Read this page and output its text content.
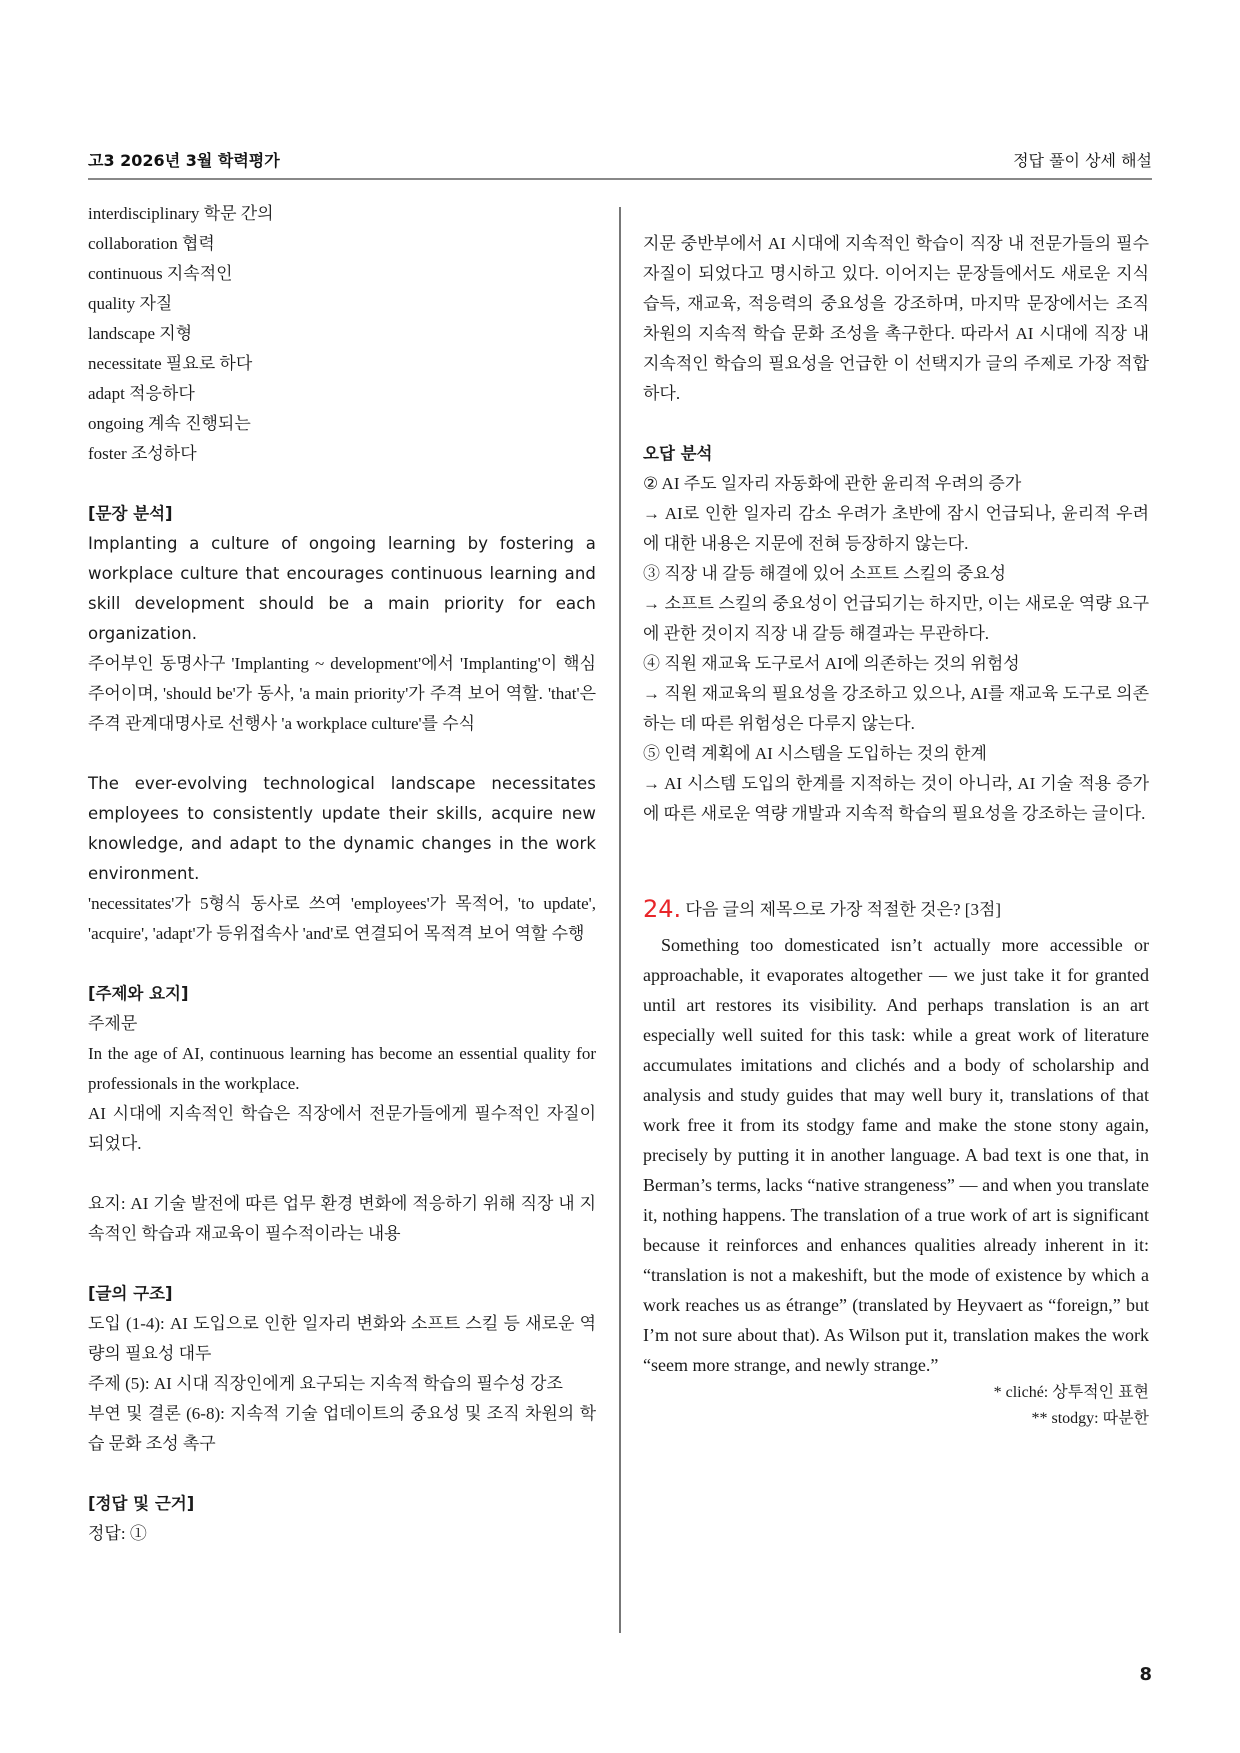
고3 2026년 3월 학력평가	정답 풀이 상세 해설

interdisciplinary 학문 간의

collaboration 협력

continuous 지속적인

quality 자질

landscape 지형

necessitate 필요로 하다

adapt 적응하다

ongoing 계속 진행되는

foster 조성하다

[문장 분석]

Implanting a culture of ongoing learning by fostering a workplace culture that encourages continuous learning and skill development should be a main priority for each organization.

주어부인 동명사구 'Implanting ~ development'에서 'Implanting'이 핵심 주어이며, 'should be'가 동사, 'a main priority'가 주격 보어 역할. 'that'은 주격 관계대명사로 선행사 'a workplace culture'를 수식

The ever-evolving technological landscape necessitates employees to consistently update their skills, acquire new knowledge, and adapt to the dynamic changes in the work environment.

'necessitates'가 5형식 동사로 쓰여 'employees'가 목적어, 'to update', 'acquire', 'adapt'가 등위접속사 'and'로 연결되어 목적격 보어 역할 수행

[주제와 요지]

주제문

In the age of AI, continuous learning has become an essential quality for professionals in the workplace.

AI 시대에 지속적인 학습은 직장에서 전문가들에게 필수적인 자질이 되었다.

요지: AI 기술 발전에 따른 업무 환경 변화에 적응하기 위해 직장 내 지속적인 학습과 재교육이 필수적이라는 내용

[글의 구조]

도입 (1-4): AI 도입으로 인한 일자리 변화와 소프트 스킬 등 새로운 역량의 필요성 대두

주제 (5): AI 시대 직장인에게 요구되는 지속적 학습의 필수성 강조

부연 및 결론 (6-8): 지속적 기술 업데이트의 중요성 및 조직 차원의 학습 문화 조성 촉구

[정답 및 근거]

정답: ①

지문 중반부에서 AI 시대에 지속적인 학습이 직장 내 전문가들의 필수 자질이 되었다고 명시하고 있다. 이어지는 문장들에서도 새로운 지식 습득, 재교육, 적응력의 중요성을 강조하며, 마지막 문장에서는 조직 차원의 지속적 학습 문화 조성을 촉구한다. 따라서 AI 시대에 직장 내 지속적인 학습의 필요성을 언급한 이 선택지가 글의 주제로 가장 적합하다.

오답 분석

② AI 주도 일자리 자동화에 관한 윤리적 우려의 증가

→ AI로 인한 일자리 감소 우려가 초반에 잠시 언급되나, 윤리적 우려에 대한 내용은 지문에 전혀 등장하지 않는다.

③ 직장 내 갈등 해결에 있어 소프트 스킬의 중요성

→ 소프트 스킬의 중요성이 언급되기는 하지만, 이는 새로운 역량 요구에 관한 것이지 직장 내 갈등 해결과는 무관하다.

④ 직원 재교육 도구로서 AI에 의존하는 것의 위험성

→ 직원 재교육의 필요성을 강조하고 있으나, AI를 재교육 도구로 의존하는 데 따른 위험성은 다루지 않는다.

⑤ 인력 계획에 AI 시스템을 도입하는 것의 한계

→ AI 시스템 도입의 한계를 지적하는 것이 아니라, AI 기술 적용 증가에 따른 새로운 역량 개발과 지속적 학습의 필요성을 강조하는 글이다.

24. 다음 글의 제목으로 가장 적절한 것은? [3점]

Something too domesticated isn’t actually more accessible or approachable, it evaporates altogether — we just take it for granted until art restores its visibility. And perhaps translation is an art especially well suited for this task: while a great work of literature accumulates imitations and clichés and a body of scholarship and analysis and study guides that may well bury it, translations of that work free it from its stodgy fame and make the stone stony again, precisely by putting it in another language. A bad text is one that, in Berman’s terms, lacks “native strangeness” — and when you translate it, nothing happens. The translation of a true work of art is significant because it reinforces and enhances qualities already inherent in it: “translation is not a makeshift, but the mode of existence by which a work reaches us as étrange” (translated by Heyvaert as “foreign,” but I’m not sure about that). As Wilson put it, translation makes the work “seem more strange, and newly strange.”

* cliché: 상투적인 표현

** stodgy: 따분한

8
